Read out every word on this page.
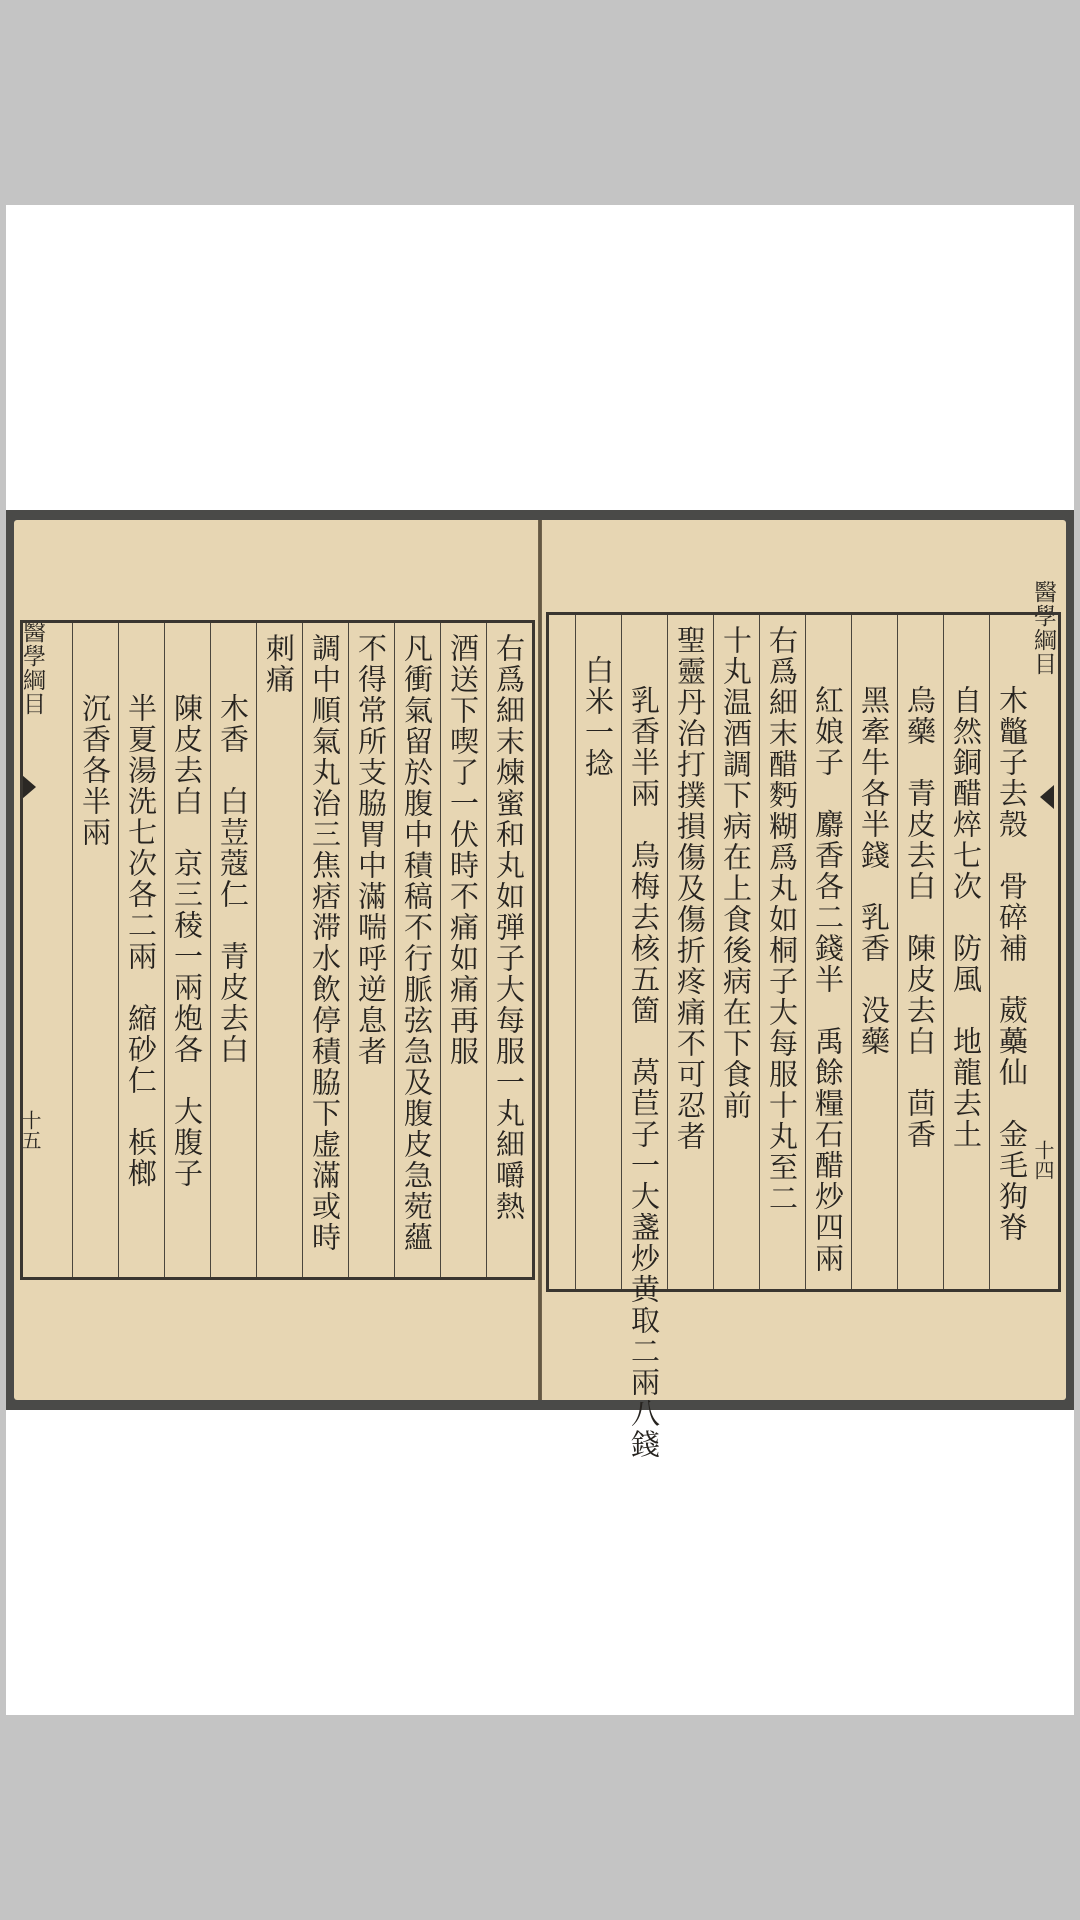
醫學綱目
十五	右爲細末煉蜜和丸如弾子大每服一丸細嚼熱
酒送下喫了一伏時不痛如痛再服
凡衝氣留於腹中積稿不行脈弦急及腹皮急菀蘊
不得常所支脇胃中滿喘呼逆息者
調中順氣丸治三焦痞滞水飲停積脇下虚滿或時
刺痛
木香　白荳蔻仁　青皮去白
陳皮去白　京三稜一兩炮各　大腹子
半夏湯洗七次各二兩　縮砂仁　梹榔
沉香各半兩
醫學綱目
十四
木鼈子去殼　骨碎補　葳蘽仙　金毛狗脊
自然銅醋焠七次　防風　地龍去土
烏藥　青皮去白　陳皮去白　茴香
黑牽牛各半錢　乳香　没藥
紅娘子　麝香各二錢半　禹餘糧石醋炒四兩
右爲細末醋麪糊爲丸如桐子大每服十丸至二
十丸温酒調下病在上食後病在下食前
聖靈丹治打撲損傷及傷折疼痛不可忍者
乳香半兩　烏梅去核五箇　莴苣子一大盞炒黄取二兩八錢
白米一捻
